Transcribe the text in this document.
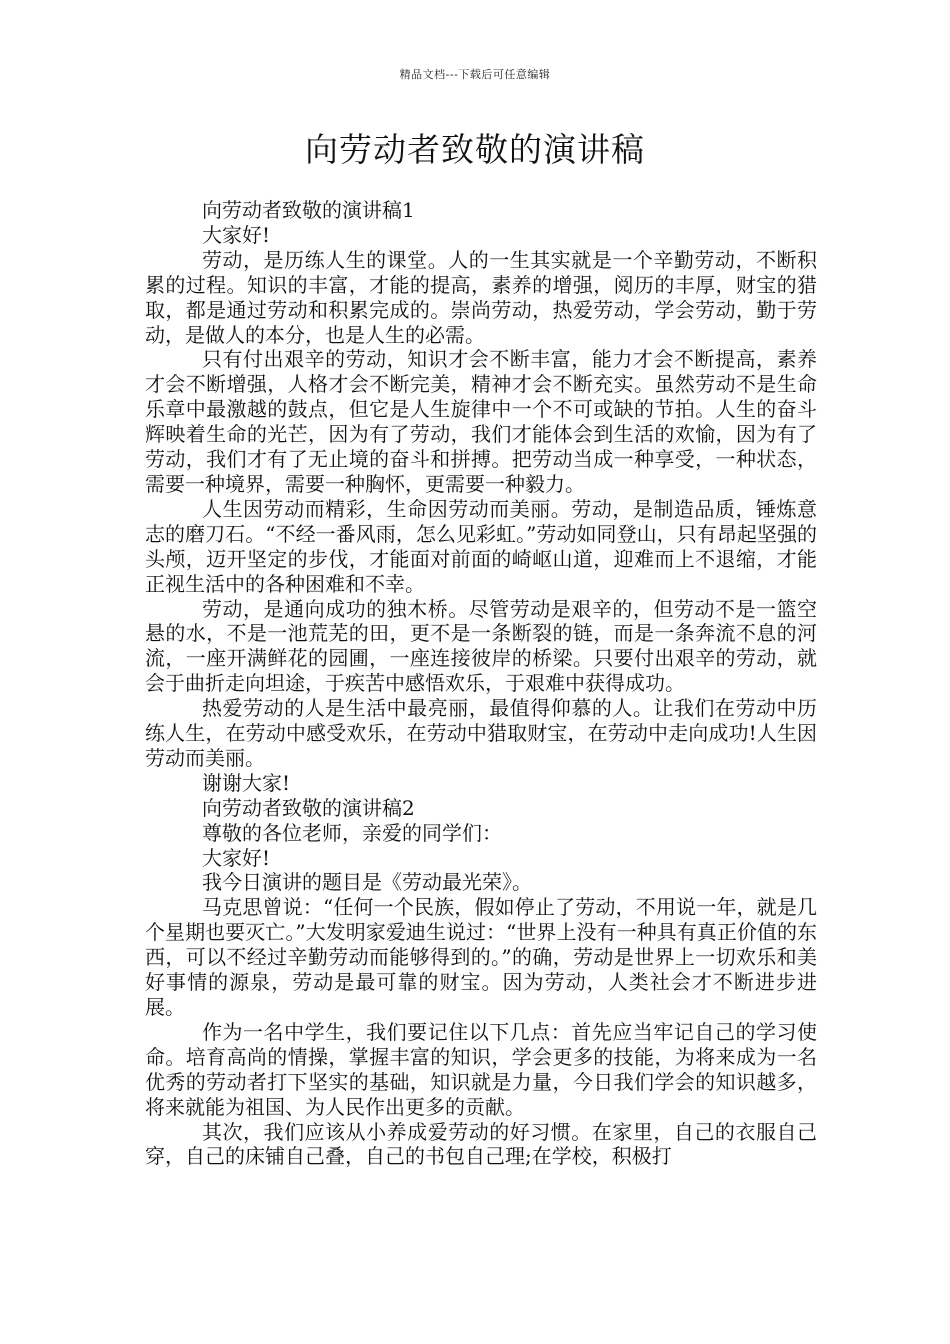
精品文档---下载后可任意编辑
向劳动者致敬的演讲稿

向劳动者致敬的演讲稿1

大家好!

劳动，是历练人生的课堂。人的一生其实就是一个辛勤劳动，不断积累的过程。知识的丰富，才能的提高，素养的增强，阅历的丰厚，财宝的猎取，都是通过劳动和积累完成的。崇尚劳动，热爱劳动，学会劳动，勤于劳动，是做人的本分，也是人生的必需。

只有付出艰辛的劳动，知识才会不断丰富，能力才会不断提高，素养才会不断增强，人格才会不断完美，精神才会不断充实。虽然劳动不是生命乐章中最激越的鼓点，但它是人生旋律中一个不可或缺的节拍。人生的奋斗辉映着生命的光芒，因为有了劳动，我们才能体会到生活的欢愉，因为有了劳动，我们才有了无止境的奋斗和拼搏。把劳动当成一种享受，一种状态，需要一种境界，需要一种胸怀，更需要一种毅力。

人生因劳动而精彩，生命因劳动而美丽。劳动，是制造品质，锤炼意志的磨刀石。“不经一番风雨，怎么见彩虹。”劳动如同登山，只有昂起坚强的头颅，迈开坚定的步伐，才能面对前面的崎岖山道，迎难而上不退缩，才能正视生活中的各种困难和不幸。

劳动，是通向成功的独木桥。尽管劳动是艰辛的，但劳动不是一篮空悬的水，不是一池荒芜的田，更不是一条断裂的链，而是一条奔流不息的河流，一座开满鲜花的园圃，一座连接彼岸的桥梁。只要付出艰辛的劳动，就会于曲折走向坦途，于疾苦中感悟欢乐，于艰难中获得成功。

热爱劳动的人是生活中最亮丽，最值得仰慕的人。让我们在劳动中历练人生，在劳动中感受欢乐，在劳动中猎取财宝，在劳动中走向成功!人生因劳动而美丽。

谢谢大家!

向劳动者致敬的演讲稿2

尊敬的各位老师，亲爱的同学们：

大家好!

我今日演讲的题目是《劳动最光荣》。

马克思曾说：“任何一个民族，假如停止了劳动，不用说一年，就是几个星期也要灭亡。”大发明家爱迪生说过：“世界上没有一种具有真正价值的东西，可以不经过辛勤劳动而能够得到的。”的确，劳动是世界上一切欢乐和美好事情的源泉，劳动是最可靠的财宝。因为劳动，人类社会才不断进步进展。

作为一名中学生，我们要记住以下几点：首先应当牢记自己的学习使命。培育高尚的情操，掌握丰富的知识，学会更多的技能，为将来成为一名优秀的劳动者打下坚实的基础，知识就是力量，今日我们学会的知识越多，将来就能为祖国、为人民作出更多的贡献。

其次，我们应该从小养成爱劳动的好习惯。在家里，自己的衣服自己穿，自己的床铺自己叠，自己的书包自己理;在学校，积极打
